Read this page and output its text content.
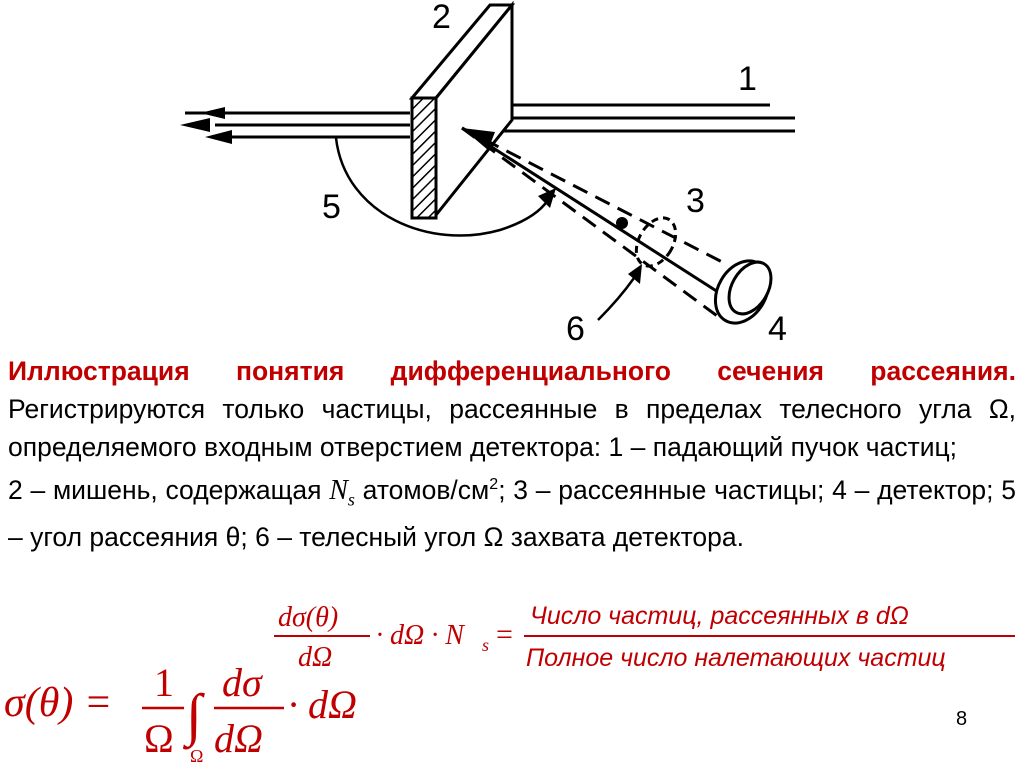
1
2
3
4
5
6

Иллюстрация понятия дифференциального сечения рассеяния. Регистрируются только частицы, рассеянные в пределах телесного угла Ω, определяемого входным отверстием детектора: 1 – падающий пучок частиц;

2 – мишень, содержащая $N_s$ атомов/$см^2$; 3 – рассеянные частицы; 4 – детектор; 5 – угол рассеяния θ; 6 – телесный угол Ω захвата детектора.

dσ(θ)
dΩ
· dΩ · N s =
Число частиц, рассеянных в dΩ
Полное число налетающих частиц
σ(θ) = 1
Ω ∫
Ω
dσ
dΩ
· dΩ	8
